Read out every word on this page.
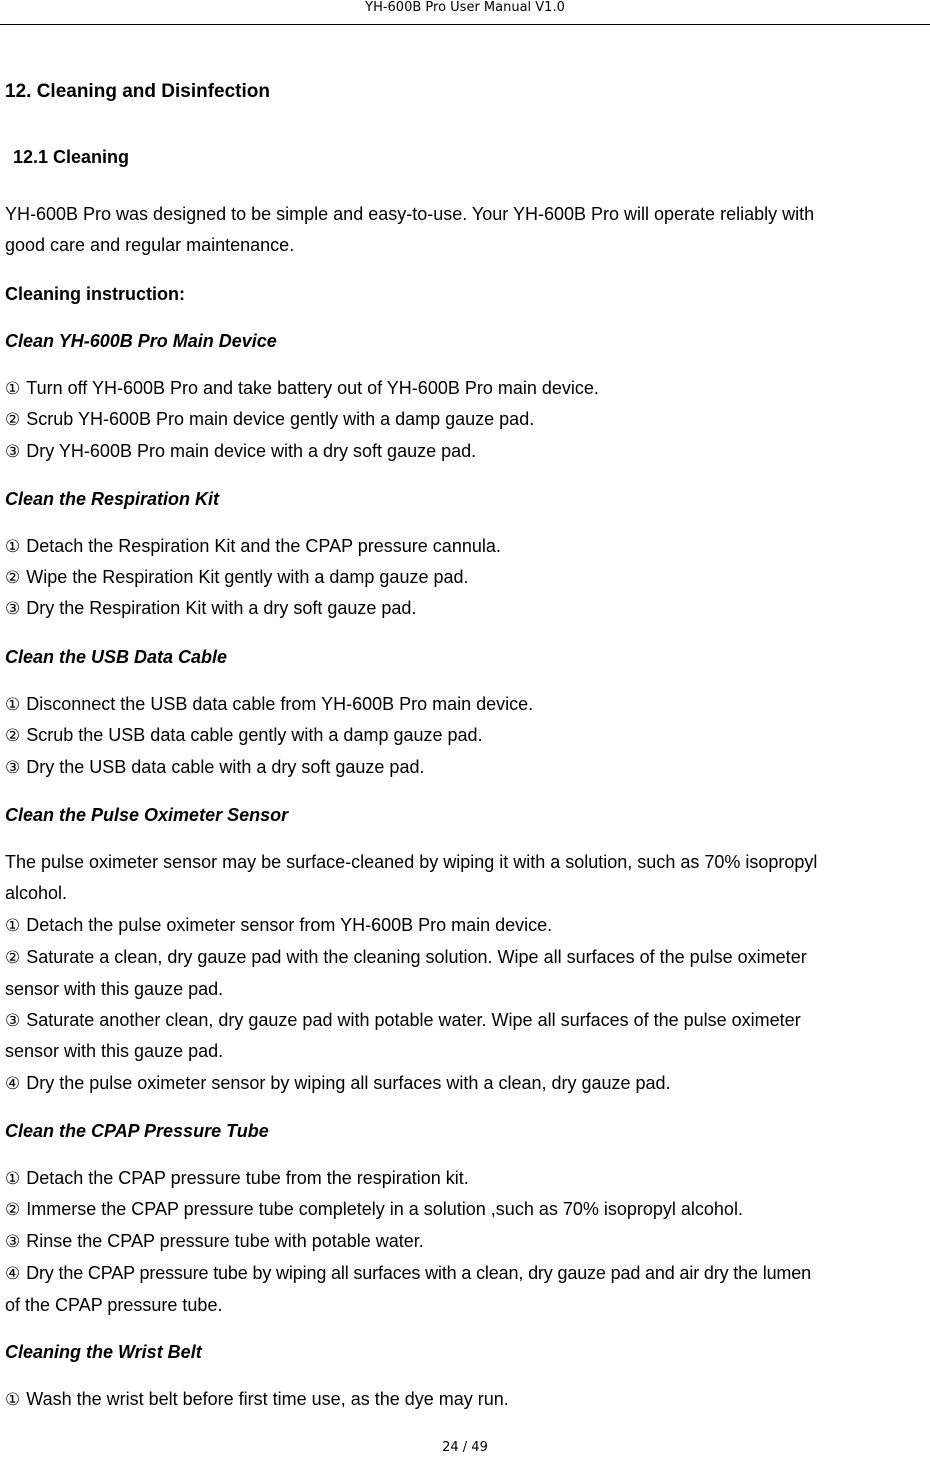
YH-600B Pro User Manual V1.0
12. Cleaning and Disinfection
12.1 Cleaning
YH-600B Pro was designed to be simple and easy-to-use. Your YH-600B Pro will operate reliably with
good care and regular maintenance.
Cleaning instruction:
Clean YH-600B Pro Main Device
① Turn off YH-600B Pro and take battery out of YH-600B Pro main device.
② Scrub YH-600B Pro main device gently with a damp gauze pad.
③ Dry YH-600B Pro main device with a dry soft gauze pad.
Clean the Respiration Kit
① Detach the Respiration Kit and the CPAP pressure cannula.
② Wipe the Respiration Kit gently with a damp gauze pad.
③ Dry the Respiration Kit with a dry soft gauze pad.
Clean the USB Data Cable
① Disconnect the USB data cable from YH-600B Pro main device.
② Scrub the USB data cable gently with a damp gauze pad.
③ Dry the USB data cable with a dry soft gauze pad.
Clean the Pulse Oximeter Sensor
The pulse oximeter sensor may be surface-cleaned by wiping it with a solution, such as 70% isopropyl
alcohol.
① Detach the pulse oximeter sensor from YH-600B Pro main device.
② Saturate a clean, dry gauze pad with the cleaning solution. Wipe all surfaces of the pulse oximeter
sensor with this gauze pad.
③ Saturate another clean, dry gauze pad with potable water. Wipe all surfaces of the pulse oximeter
sensor with this gauze pad.
④ Dry the pulse oximeter sensor by wiping all surfaces with a clean, dry gauze pad.
Clean the CPAP Pressure Tube
① Detach the CPAP pressure tube from the respiration kit.
② Immerse the CPAP pressure tube completely in a solution ,such as 70% isopropyl alcohol.
③ Rinse the CPAP pressure tube with potable water.
④ Dry the CPAP pressure tube by wiping all surfaces with a clean, dry gauze pad and air dry the lumen
of the CPAP pressure tube.
Cleaning the Wrist Belt
① Wash the wrist belt before first time use, as the dye may run.
24 / 49
